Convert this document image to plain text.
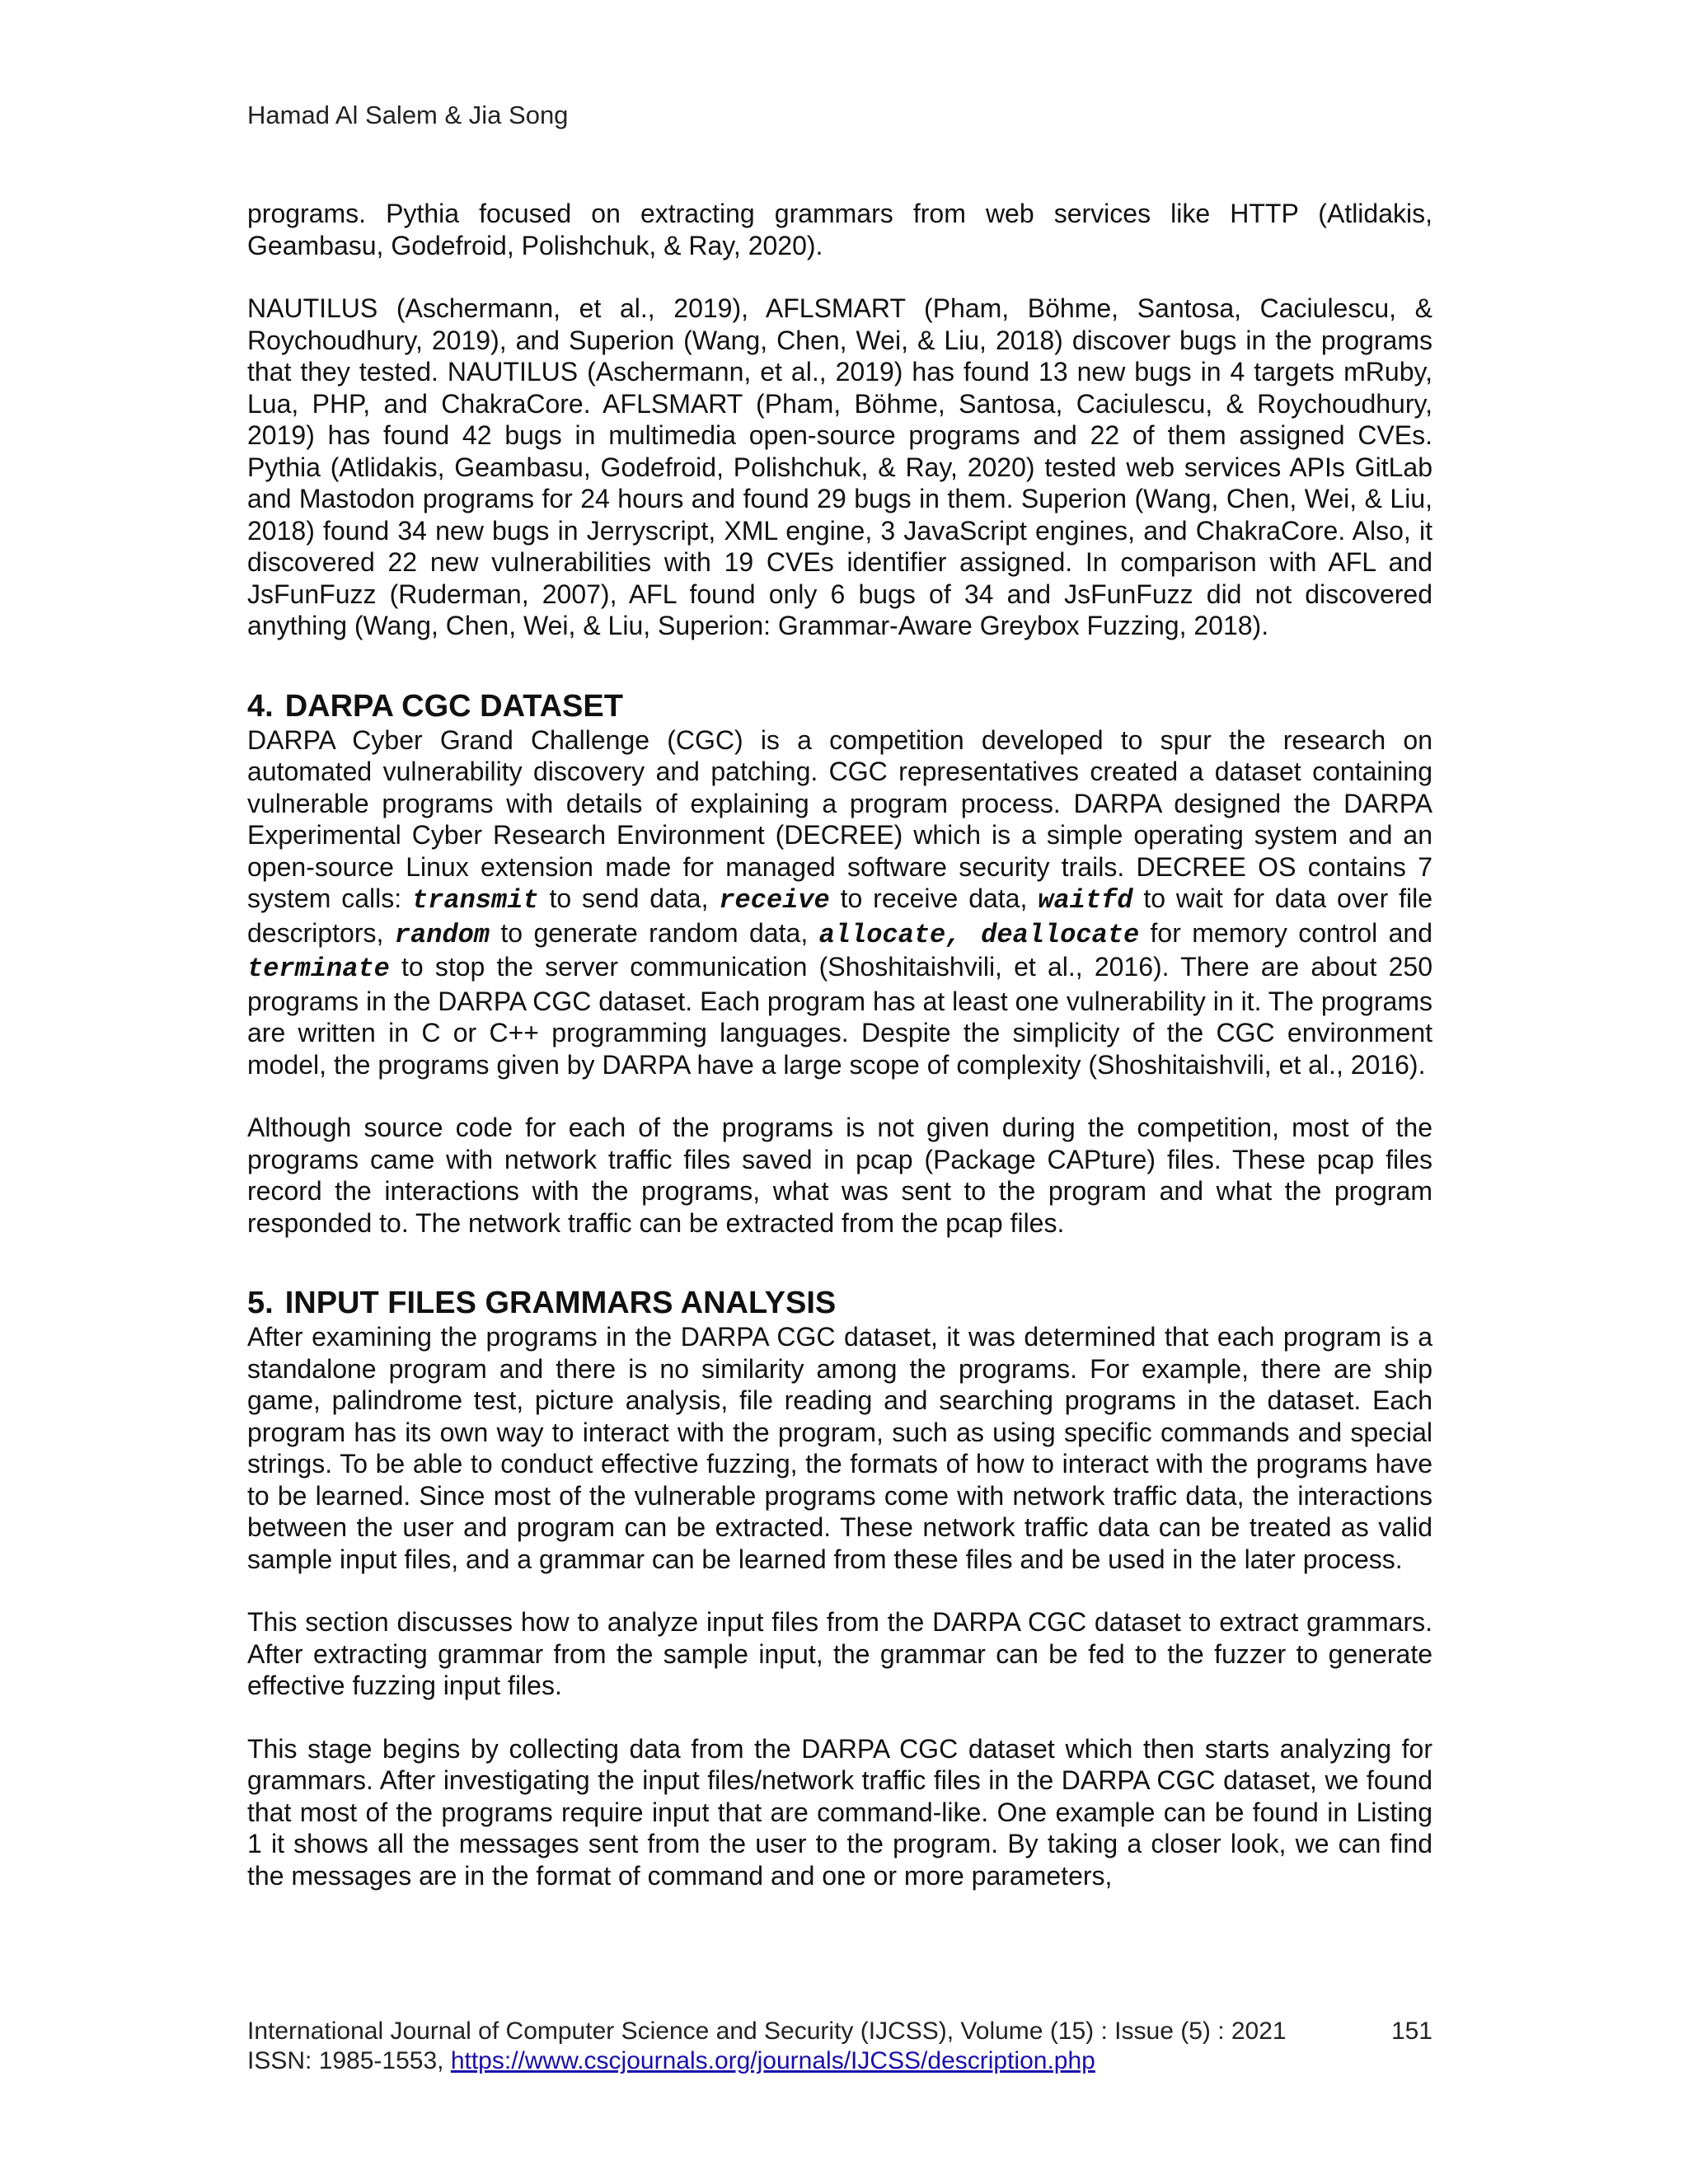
Hamad Al Salem & Jia Song

programs. Pythia focused on extracting grammars from web services like HTTP (Atlidakis, Geambasu, Godefroid, Polishchuk, & Ray, 2020).

NAUTILUS (Aschermann, et al., 2019), AFLSMART (Pham, Böhme, Santosa, Caciulescu, & Roychoudhury, 2019), and Superion (Wang, Chen, Wei, & Liu, 2018) discover bugs in the programs that they tested. NAUTILUS (Aschermann, et al., 2019) has found 13 new bugs in 4 targets mRuby, Lua, PHP, and ChakraCore. AFLSMART (Pham, Böhme, Santosa, Caciulescu, & Roychoudhury, 2019) has found 42 bugs in multimedia open-source programs and 22 of them assigned CVEs. Pythia (Atlidakis, Geambasu, Godefroid, Polishchuk, & Ray, 2020) tested web services APIs GitLab and Mastodon programs for 24 hours and found 29 bugs in them. Superion (Wang, Chen, Wei, & Liu, 2018) found 34 new bugs in Jerryscript, XML engine, 3 JavaScript engines, and ChakraCore. Also, it discovered 22 new vulnerabilities with 19 CVEs identifier assigned. In comparison with AFL and JsFunFuzz (Ruderman, 2007), AFL found only 6 bugs of 34 and JsFunFuzz did not discovered anything (Wang, Chen, Wei, & Liu, Superion: Grammar-Aware Greybox Fuzzing, 2018).

4. DARPA CGC DATASET

DARPA Cyber Grand Challenge (CGC) is a competition developed to spur the research on automated vulnerability discovery and patching. CGC representatives created a dataset containing vulnerable programs with details of explaining a program process. DARPA designed the DARPA Experimental Cyber Research Environment (DECREE) which is a simple operating system and an open-source Linux extension made for managed software security trails. DECREE OS contains 7 system calls: transmit to send data, receive to receive data, waitfd to wait for data over file descriptors, random to generate random data, allocate, deallocate for memory control and terminate to stop the server communication (Shoshitaishvili, et al., 2016). There are about 250 programs in the DARPA CGC dataset. Each program has at least one vulnerability in it. The programs are written in C or C++ programming languages. Despite the simplicity of the CGC environment model, the programs given by DARPA have a large scope of complexity (Shoshitaishvili, et al., 2016).

Although source code for each of the programs is not given during the competition, most of the programs came with network traffic files saved in pcap (Package CAPture) files. These pcap files record the interactions with the programs, what was sent to the program and what the program responded to. The network traffic can be extracted from the pcap files.

5. INPUT FILES GRAMMARS ANALYSIS

After examining the programs in the DARPA CGC dataset, it was determined that each program is a standalone program and there is no similarity among the programs. For example, there are ship game, palindrome test, picture analysis, file reading and searching programs in the dataset. Each program has its own way to interact with the program, such as using specific commands and special strings. To be able to conduct effective fuzzing, the formats of how to interact with the programs have to be learned. Since most of the vulnerable programs come with network traffic data, the interactions between the user and program can be extracted. These network traffic data can be treated as valid sample input files, and a grammar can be learned from these files and be used in the later process.

This section discusses how to analyze input files from the DARPA CGC dataset to extract grammars. After extracting grammar from the sample input, the grammar can be fed to the fuzzer to generate effective fuzzing input files.

This stage begins by collecting data from the DARPA CGC dataset which then starts analyzing for grammars. After investigating the input files/network traffic files in the DARPA CGC dataset, we found that most of the programs require input that are command-like. One example can be found in Listing 1 it shows all the messages sent from the user to the program. By taking a closer look, we can find the messages are in the format of command and one or more parameters,

International Journal of Computer Science and Security (IJCSS), Volume (15) : Issue (5) : 2021	151
ISSN: 1985-1553, https://www.cscjournals.org/journals/IJCSS/description.php
